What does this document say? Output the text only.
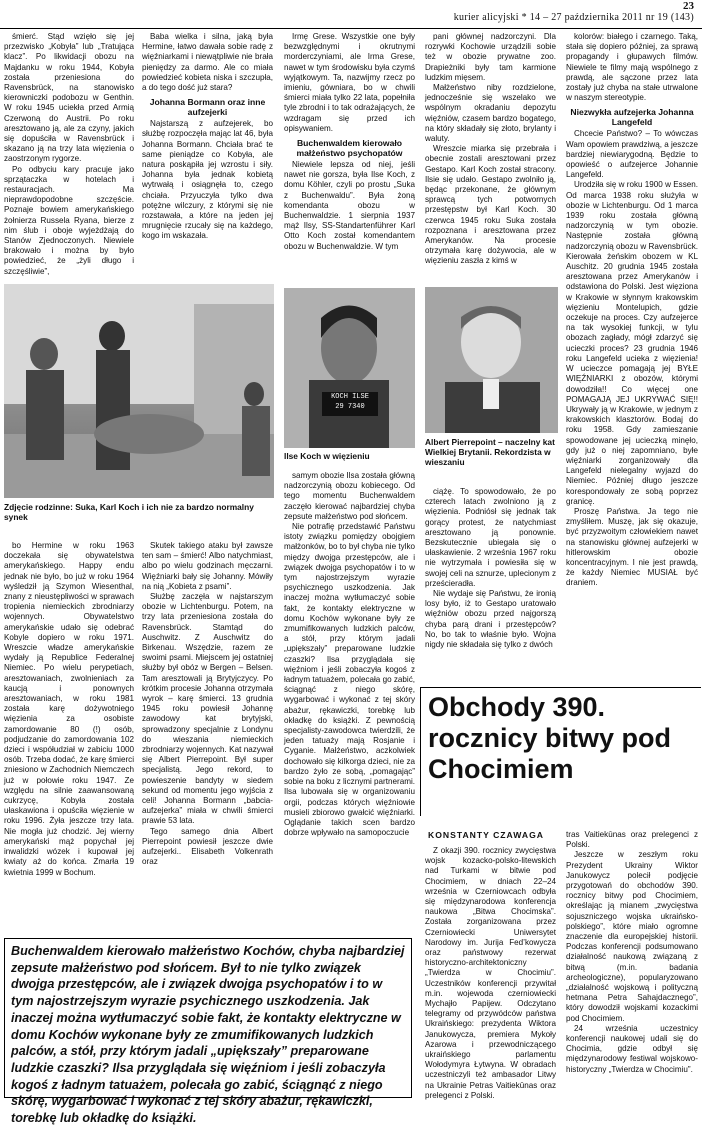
23
kurier alicyjski * 14 – 27 października 2011 nr 19 (143)

śmierć. Stąd wzięło się jej przezwisko „Kobyła” lub „Tratująca klacz”. Po likwidacji obozu na Majdanku w roku 1944, Kobyła została przeniesiona do Ravensbrück, na stanowisko kierowniczki podobozu w Genthin. W roku 1945 uciekła przed Armią Czerwoną do Austrii. Po roku aresztowano ją, ale za czyny, jakich się dopuściła w Ravensbrück i skazano ją na trzy lata więzienia o zaostrzonym rygorze.

Po odbyciu kary pracuje jako sprzątaczka w hotelach i restauracjach. Ma nieprawdopodobne szczęście. Poznaje bowiem amerykańskiego żołnierza Russela Ryana, bierze z nim ślub i oboje wyjeżdżają do Stanów Zjednoczonych. Niewiele brakowało i można by było powiedzieć, że „żyli długo i szczęśliwie”,

Baba wielka i silna, jaką była Hermine, łatwo dawała sobie radę z więźniarkami i niewątpliwie nie brała pieniędzy za darmo. Ale co miała powiedzieć kobieta niska i szczupła, a do tego dość już stara?

Johanna Bormann oraz inne aufzejerki

Najstarszą z aufzejerek, bo służbę rozpoczęła mając lat 46, była Johanna Bormann. Chciała brać te same pieniądze co Kobyła, ale natura poskąpiła jej wzrostu i siły. Johanna była jednak kobietą wytrwałą i osiągnęła to, czego chciała. Przyuczyła tylko dwa potężne wilczury, z którymi się nie rozstawała, a które na jeden jej mrugnięcie rzucały się na każdego, kogo im wskazała.

Irmę Grese. Wszystkie one były bezwzględnymi i okrutnymi morderczyniami, ale Irma Grese, nawet w tym środowisku była czymś wyjątkowym. Ta, nazwijmy rzecz po imieniu, gówniara, bo w chwili śmierci miała tylko 22 lata, popełniła tyle zbrodni i to tak odrażających, że wzdragam się przed ich opisywaniem.

Buchenwaldem kierowało małżeństwo psychopatów

Niewiele lepsza od niej, jeśli nawet nie gorsza, była Ilse Koch, z domu Köhler, czyli po prostu „Suka z Buchenwaldu”. Była żoną komendanta obozu w Buchenwaldzie. 1 sierpnia 1937 mąż Ilsy, SS-Standartenführer Karl Otto Koch został komendantem obozu w Buchenwaldzie. W tym

pani głównej nadzorczyni. Dla rozrywki Kochowie urządzili sobie też w obozie prywatne zoo. Drapieżniki były tam karmione ludzkim mięsem.

Małżeństwo niby rozdzielone, jednocześnie się wszelako we wspólnym okradaniu depozytu więźniów, czasem bardzo bogatego, na który składały się złoto, brylanty i waluty.

Wreszcie miarka się przebrała i obecnie zostali aresztowani przez Gestapo. Karl Koch został stracony. Ilsie się udało. Gestapo zwolniło ją, będąc przekonane, że głównym sprawcą tych potwornych przestępstw był Karl Koch. 30 czerwca 1945 roku Suka została rozpoznana i aresztowana przez Amerykanów. Na procesie otrzymała karę dożywocia, ale w więzieniu zaszła z kimś w

kolorów: białego i czarnego. Taką, stała się dopiero później, za sprawą propagandy i głupawych filmów. Niewiele te filmy mają wspólnego z prawdą, ale sączone przez lata zostały już chyba na stałe utrwalone w naszym stereotypie.

Niezwykła aufzejerka Johanna Langefeld

Chcecie Państwo? – To wówczas Wam opowiem prawdziwą, a jeszcze bardziej niewiarygodną. Będzie to opowieść o aufzejerce Johannie Langefeld.

Urodziła się w roku 1900 w Essen. Od marca 1938 roku służyła w obozie w Lichtenburgu. Od 1 marca 1939 roku została główną nadzorczynią w tym obozie. Następnie została główną nadzorczynią obozu w Ravensbrück. Kierowała żeńskim obozem w KL Auschitz. 20 grudnia 1945 została aresztowana przez Amerykanów i odstawiona do Polski. Jest więziona w Krakowie w słynnym krakowskim więzieniu Montelupich, gdzie oczekuje na proces. Czy aufzejerce na tak wysokiej funkcji, w tylu obozach zagłady, mógł zdarzyć się ucieczki proces? 23 grudnia 1946 roku Langefeld ucieka z więzienia! W ucieczce pomagają jej BYŁE WIĘŹNIARKI z obozów, którymi dowodziła!! Co więcej one POMAGAJĄ JEJ UKRYWAĆ SIĘ!! Ukrywały ją w Krakowie, w jednym z krakowskich klasztorów. Bodaj do roku 1958. Gdy zamieszanie spowodowane jej ucieczką minęło, gdy już o niej zapomniano, byłe więźniarki zorganizowały dla Langefeld nielegalny wyjazd do Niemiec. Później długo jeszcze korespondowały ze sobą poprzez granicę.

Proszę Państwa. Ja tego nie zmyśliłem. Muszę, jak się okazuje, być przyzwoitym człowiekiem nawet na stanowisku głównej aufzejerki w hitlerowskim obozie koncentracyjnym. I nie jest prawdą, że każdy Niemiec MUSIAŁ być draniem.

Zdjęcie rodzinne: Suka, Karl Koch i ich nie za bardzo normalny synek
KOCH ILSE
29 7340
Ilse Koch w więzieniu
Albert Pierrepoint – naczelny kat Wielkiej Brytanii. Rekordzista w wieszaniu

bo Hermine w roku 1963 doczekała się obywatelstwa amerykańskiego. Happy endu jednak nie było, bo już w roku 1964 wyśledził ją Szymon Wiesenthal, znany z nieustępliwości w sprawach tropienia niemieckich zbrodniarzy wojennych. Obywatelstwo amerykańskie udało się odebrać Kobyle dopiero w roku 1971. Wreszcie władze amerykańskie wydały ją Republice Federalnej Niemiec. Po wielu perypetiach, aresztowaniach, zwolnieniach za kaucją i ponownych aresztowaniach, w roku 1981 została karę dożywotniego więzienia za osobiste zamordowanie 80 (!) osób, podjudzanie do zamordowania 102 dzieci i współudział w zabiciu 1000 osób. Trzeba dodać, że karę śmierci zniesiono w Zachodnich Niemczech już w połowie roku 1947. Ze względu na silnie zaawansowaną cukrzycę, Kobyła została ułaskawiona i opuściła więzienie w roku 1996. Żyła jeszcze trzy lata. Nie mogła już chodzić. Jej wierny amerykański mąż popychał jej inwalidzki wózek i kupował jej kwiaty aż do końca. Zmarła 19 kwietnia 1999 w Bochum.

Skutek takiego ataku był zawsze ten sam – śmierć! Albo natychmiast, albo po wielu godzinach męczarni. Więźniarki bały się Johanny. Mówiły na nią „Kobieta z psami”.

Służbę zaczęła w najstarszym obozie w Lichtenburgu. Potem, na trzy lata przeniesiona została do Ravensbrück. Stamtąd do Auschwitz. Z Auschwitz do Birkenau. Wszędzie, razem ze swoimi psami. Miejscem jej ostatniej służby był obóz w Bergen – Belsen. Tam aresztowali ją Brytyjczycy. Po krótkim procesie Johanna otrzymała wyrok – karę śmierci. 13 grudnia 1945 roku powiesił Johannę zawodowy kat brytyjski, sprowadzony specjalnie z Londynu do wieszania niemieckich zbrodniarzy wojennych. Kat nazywał się Albert Pierrepoint. Był super specjalistą. Jego rekord, to powieszenie bandyty w siedem sekund od momentu jego wyjścia z celi! Johanna Bormann „babcia-aufzejerka” miała w chwili śmierci prawie 53 lata.

Tego samego dnia Albert Pierrepoint powiesił jeszcze dwie aufzejerki.. Elisabeth Volkenrath oraz

samym obozie Ilsa została główną nadzorczynią obozu kobiecego. Od tego momentu Buchenwaldem zaczęło kierować najbardziej chyba zepsute małżeństwo pod słońcem.

Nie potrafię przedstawić Państwu istoty związku pomiędzy obojgiem małżonków, bo to był chyba nie tylko między dwojga przestępców, ale i związek dwojga psychopatów i to w tym najostrzejszym wyrazie psychicznego uszkodzenia. Jak inaczej można wytłumaczyć sobie fakt, że kontakty elektryczne w domu Kochów wykonane były ze zmumifikowanych ludzkich palców, a stół, przy którym jadali „upiększały” preparowane ludzkie czaszki? Ilsa przyglądała się więźniom i jeśli zobaczyła kogoś z ładnym tatuażem, polecała go zabić, ściągnąć z niego skórę, wygarbować i wykonać z tej skóry abażur, rękawiczki, torebkę lub okładkę do książki. Z pewnością specjalisty-zawodowca twierdzili, że jeden tatuaży mają Rosjanie i Cyganie. Małżeństwo, aczkolwiek dochowało się kilkorga dzieci, nie za bardzo żyło ze sobą, „pomagając” sobie na boku z licznymi partnerami. Ilsa lubowała się w organizowaniu orgii, podczas których więźniowie musieli zbiorowo gwałcić więźniarki. Oglądanie takich scen bardzo dobrze wpływało na samopoczucie

ciążę. To spowodowało, że po czterech latach zwolniono ją z więzienia. Podniósł się jednak tak gorący protest, że natychmiast aresztowano ją ponownie. Bezskutecznie ubiegała się o ułaskawienie. 2 września 1967 roku nie wytrzymała i powiesiła się w swojej celi na sznurze, uplecionym z prześcieradła.

Nie wydaje się Państwu, że ironią losy było, iż to Gestapo uratowało więźniów obozu przed najgorszą chyba parą drani i przestępców? No, bo tak to właśnie było. Wojna nigdy nie składała się tylko z dwóch

Buchenwaldem kierowało małżeństwo Kochów, chyba najbardziej zepsute małżeństwo pod słońcem. Był to nie tylko związek dwojga przestępców, ale i związek dwojga psychopatów i to w tym najostrzejszym wyrazie psychicznego uszkodzenia. Jak inaczej można wytłumaczyć sobie fakt, że kontakty elektryczne w domu Kochów wykonane były ze zmumifikowanych ludzkich palców, a stół, przy którym jadali „upiększały” preparowane ludzkie czaszki? Ilsa przyglądała się więźniom i jeśli zobaczyła kogoś z ładnym tatuażem, polecała go zabić, ściągnąć z niego skórę, wygarbować i wykonać z tej skóry abażur, rękawiczki, torebkę lub okładkę do książki.

Obchody 390. rocznicy bitwy pod Chocimiem
KONSTANTY CZAWAGA

Z okazji 390. rocznicy zwycięstwa wojsk kozacko-polsko-litewskich nad Turkami w bitwie pod Chocimiem, w dniach 22–24 września w Czerniowcach odbyła się międzynarodowa konferencja naukowa „Bitwa Chocimska”. Została zorganizowana przez Czerniowiecki Uniwersytet Narodowy im. Jurija Fed’kowycza oraz państwowy rezerwat historyczno-architektoniczny „Twierdza w Chocimiu”. Uczestników konferencji przywitał m.in. wojewoda czerniowiecki Mychajło Papijew. Odczytano telegramy od przywódców państwa Ukraińskiego: prezydenta Wiktora Janukowycza, premiera Mykoły Azarowa i przewodniczącego ukraińskiego parlamentu Wołodymyra Łytwyna. W obradach uczestniczyli też ambasador Litwy na Ukrainie Petras Vaitiekūnas oraz prelegenci z Polski.

tras Vaitiekūnas oraz prelegenci z Polski.

Jeszcze w zeszłym roku Prezydent Ukrainy Wiktor Janukowycz polecił podjęcie przygotowań do obchodów 390. rocznicy bitwy pod Chocimiem, określając ją mianem „zwycięstwa sojuszniczego wojska ukraińsko-polskiego”, które miało ogromne znaczenie dla europejskiej historii. Podczas konferencji podsumowano działalność naukową związaną z bitwą (m.in. badania archeologiczne), popularyzowano „działalność wojskową i polityczną hetmana Petra Sahajdacznego”, który dowodził wojskami kozackimi pod Chocimiem.

24 września uczestnicy konferencji naukowej udali się do Chocimia, gdzie odbył się międzynarodowy festiwal wojskowo-historyczny „Twierdza w Chocimiu”.
